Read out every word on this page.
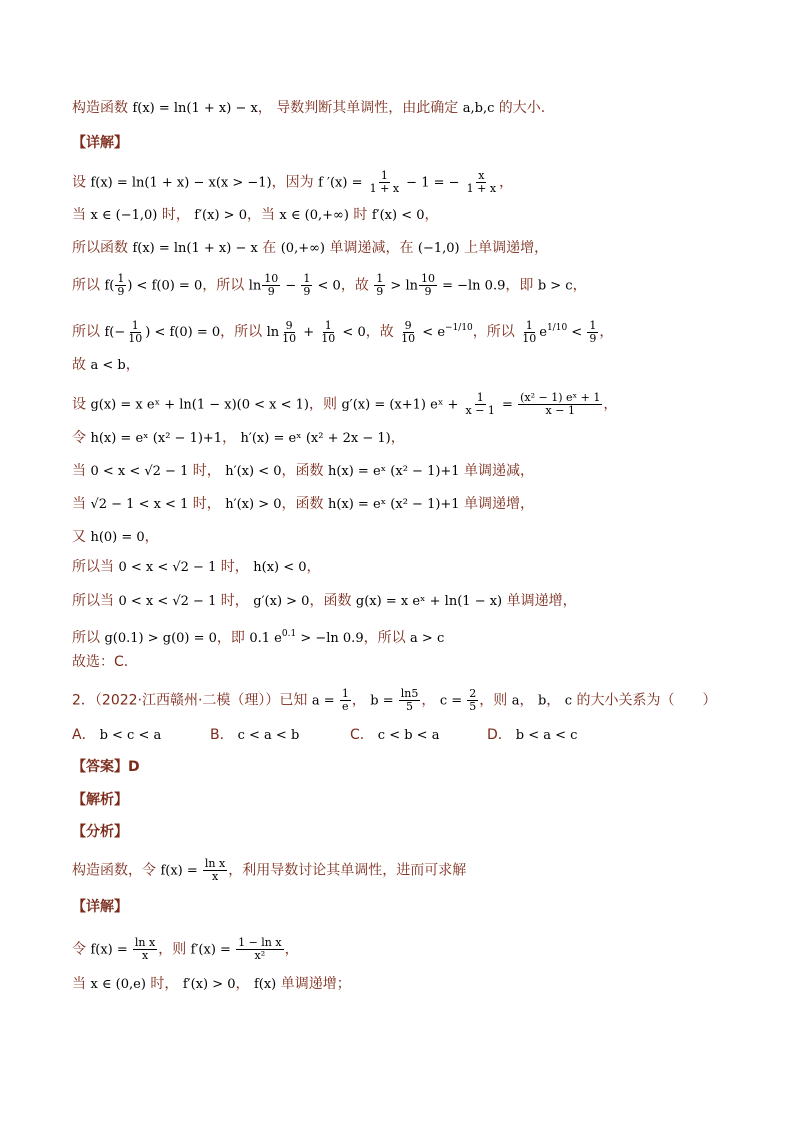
构造函数 f(x) = ln(1 + x) − x， 导数判断其单调性，由此确定 a,b,c 的大小.
【详解】
设 f(x) = ln(1 + x) − x(x > −1)，因为 f $'(x) = \frac{1}{1 + x} - 1$ = − $\frac{x}{1 + x}$ ，
当 x ∈ (−1,0) 时， f′(x) > 0，当 x ∈ (0,+∞) 时 f′(x) < 0，
所以函数 f(x) = ln(1 + x) − x 在 (0,+∞) 单调递减，在 (−1,0) 上单调递增，
所以 $f( \frac{1}{9}$ ) < f(0) = 0，所以 $\ln \frac{10}{9} - \frac{1}{9} < 0$，故 $\frac{1}{9} > \ln \frac{10}{9} = -\ln$ 0.9，即 b > c，
所以 $f(- \frac{1}{10}$ ) < f(0) = 0，所以 $\ln \frac{9}{10} + \frac{1}{10} < 0$，故 $\frac{9}{10} < e^{-1/10}$，所以 $\frac{1}{10} e^{1/10} < \frac{1}{9}$ ，
故 a < b，
设 g(x) = x eˣ + ln(1 − x)(0 < x < 1)，则 g′(x) = (x+1) eˣ + $\frac{1}{x - 1} = \frac{\text{(x² − 1) eˣ + 1}}{x - 1}$ ，
令 h(x) = eˣ (x² − 1)+1， h′(x) = eˣ (x² + 2x − 1)，
当 0 < x < √2 − 1 时， h′(x) < 0，函数 h(x) = eˣ (x² − 1)+1 单调递减，
当 √2 − 1 < x < 1 时， h′(x) > 0，函数 h(x) = eˣ (x² − 1)+1 单调递增，
又 h(0) = 0，
所以当 0 < x < √2 − 1 时， h(x) < 0，
所以当 0 < x < √2 − 1 时， g′(x) > 0，函数 g(x) = x eˣ + ln(1 − x) 单调递增，
所以 g(0.1) > g(0) = 0，即 0.1 $e^{0.1} > -\ln$ 0.9，所以 a > c
故选：C.
2．（2022·江西赣州·二模（理））已知 $a = \frac{1}{e}$ ， $b = \frac{\ln 5}{5}$ ， $c = \frac{2}{5}$ ，则 a， b， c 的大小关系为（　　）
A． b < c < a	B． c < a < b	C． c < b < a	D． b < a < c
【答案】D
【解析】
【分析】
构造函数，令 $f(x) = \frac{\text{ln x}}{x}$ ，利用导数讨论其单调性，进而可求解
【详解】
令 $f(x) = \frac{\text{ln x}}{x}$ ，则 $f'(x) = \frac{\text{1 − ln x}}{\text{x²}}$ ，
当 x ∈ (0,e) 时， f′(x) > 0， f(x) 单调递增；
